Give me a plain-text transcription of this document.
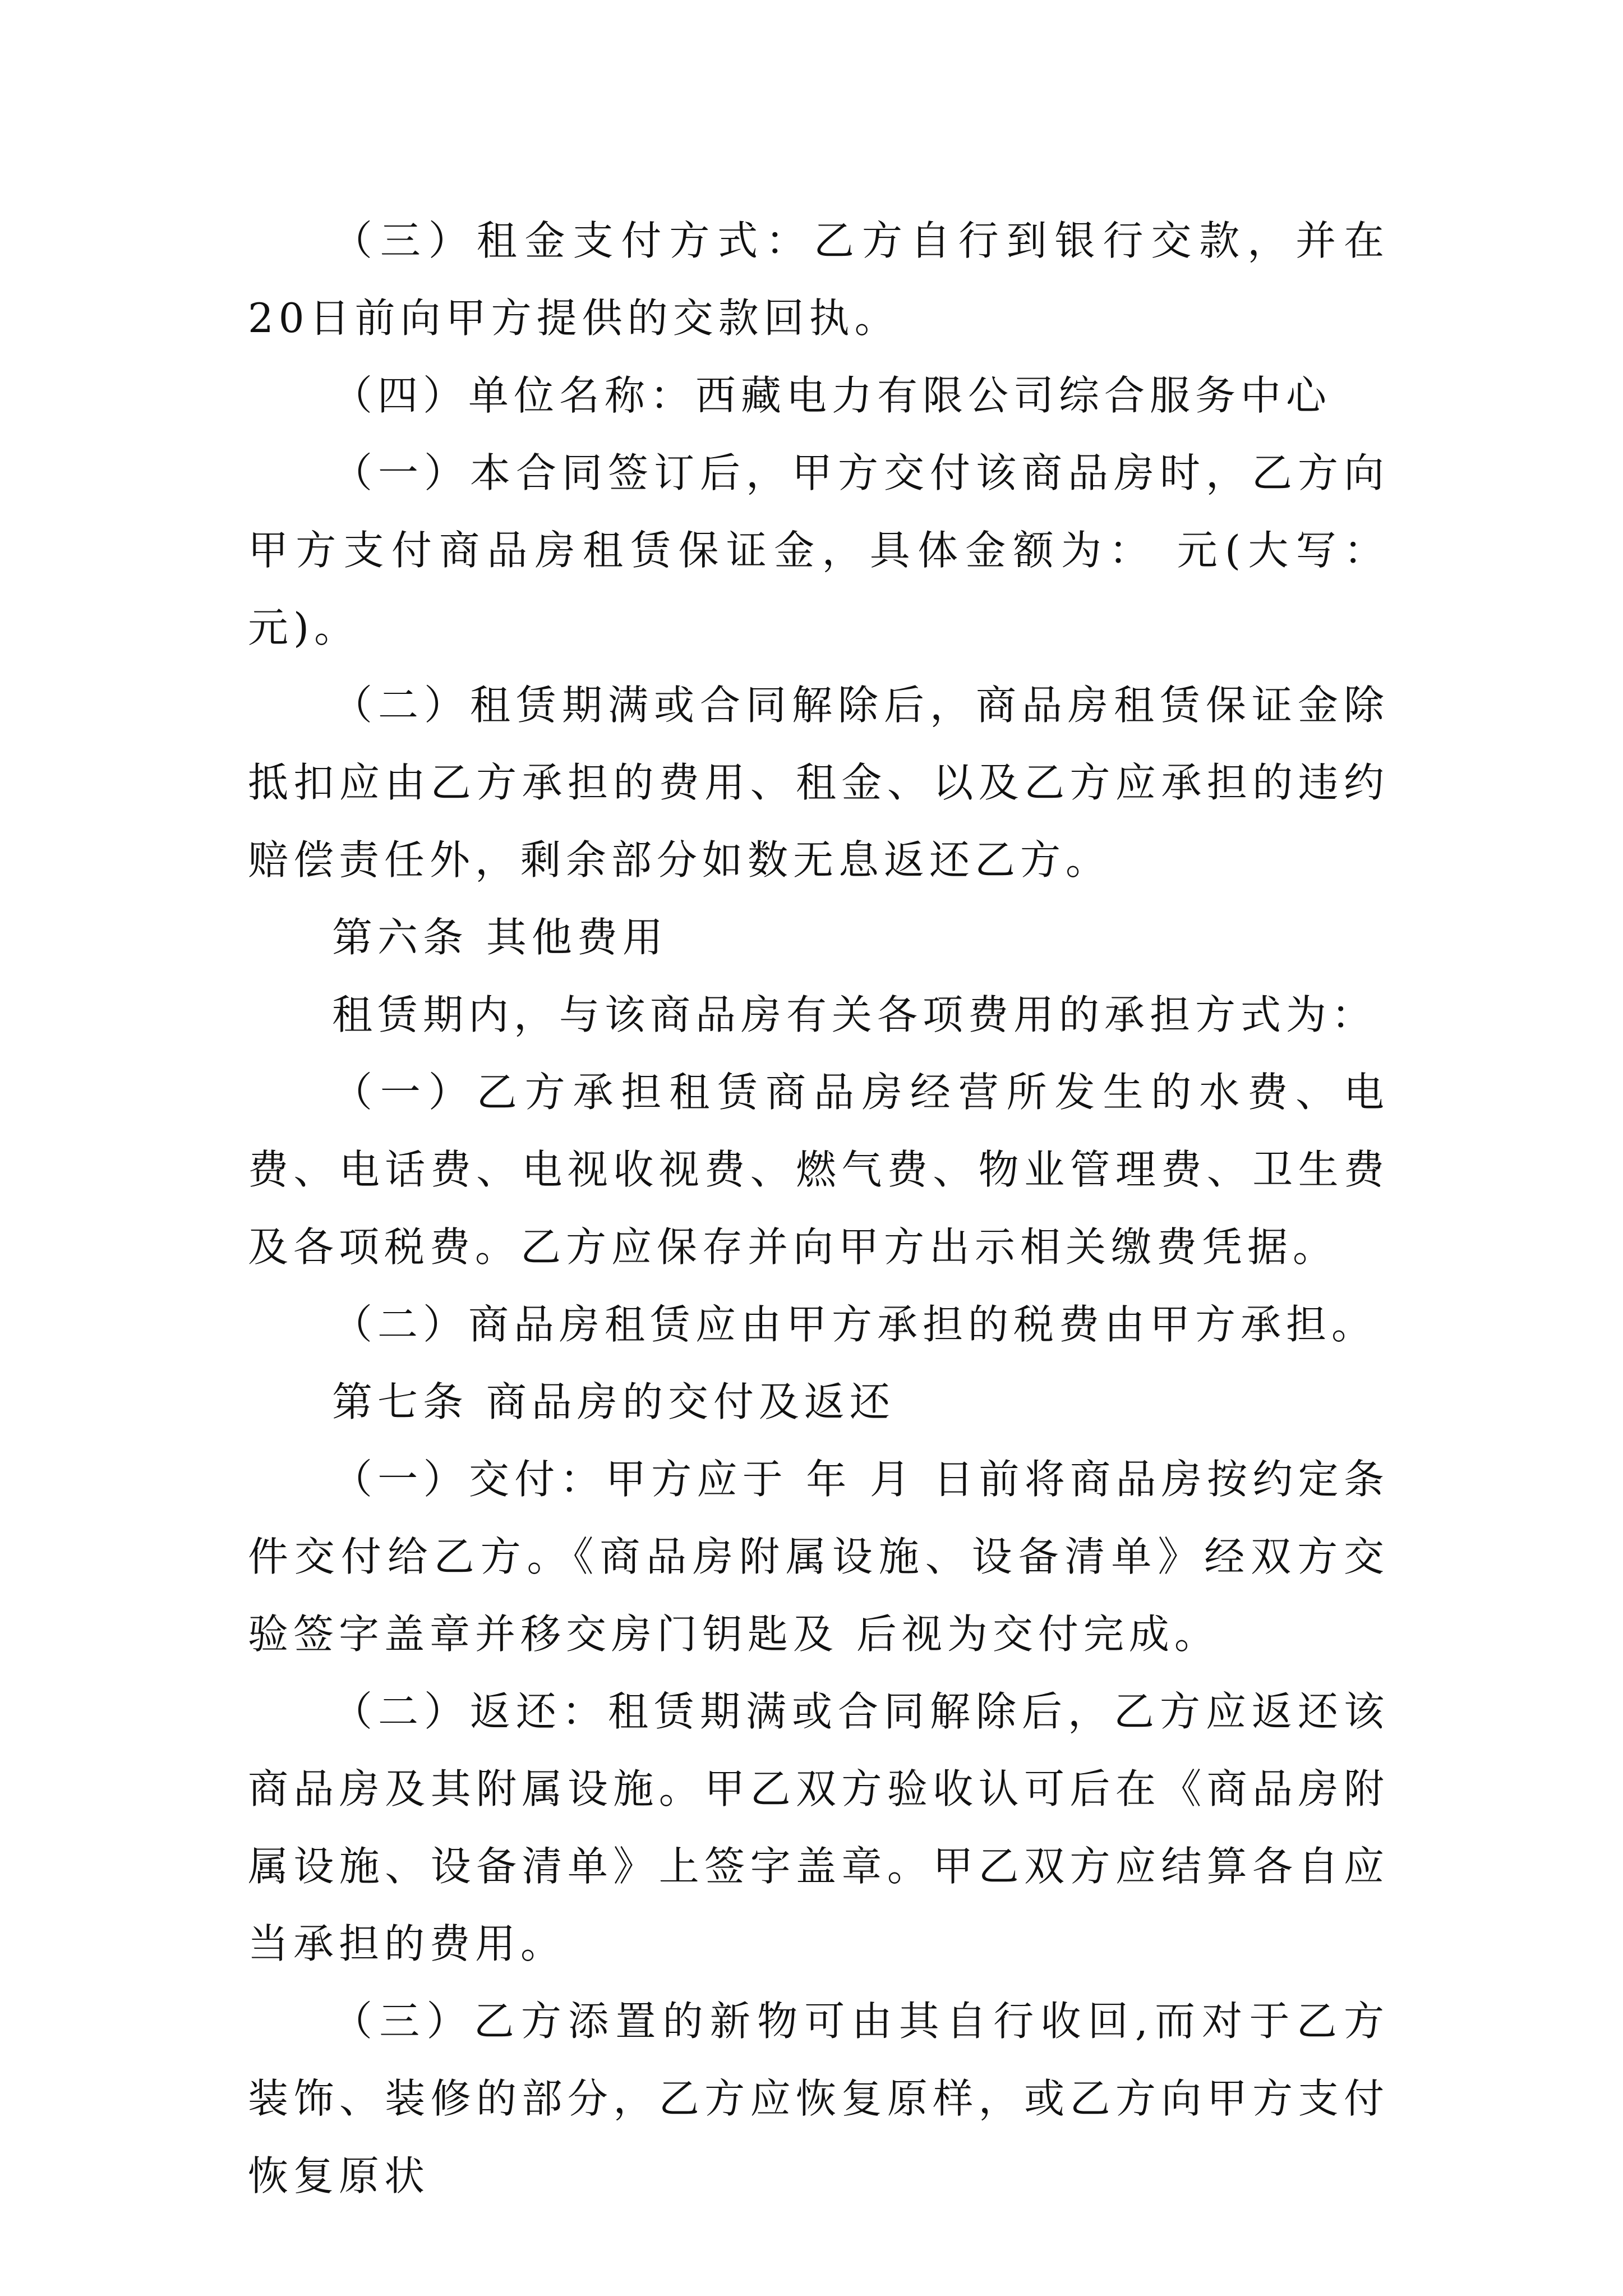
（三）租金支付方式：乙方自行到银行交款，并在20日前向甲方提供的交款回执。

（四）单位名称：西藏电力有限公司综合服务中心

（一）本合同签订后，甲方交付该商品房时，乙方向甲方支付商品房租赁保证金，具体金额为： 元(大写： 元)。

（二）租赁期满或合同解除后，商品房租赁保证金除抵扣应由乙方承担的费用、租金、以及乙方应承担的违约赔偿责任外，剩余部分如数无息返还乙方。

第六条 其他费用

租赁期内，与该商品房有关各项费用的承担方式为：

（一）乙方承担租赁商品房经营所发生的水费、电费、电话费、电视收视费、燃气费、物业管理费、卫生费及各项税费。乙方应保存并向甲方出示相关缴费凭据。

（二）商品房租赁应由甲方承担的税费由甲方承担。

第七条 商品房的交付及返还

（一）交付：甲方应于 年 月 日前将商品房按约定条件交付给乙方。《商品房附属设施、设备清单》经双方交验签字盖章并移交房门钥匙及 后视为交付完成。

（二）返还：租赁期满或合同解除后，乙方应返还该商品房及其附属设施。甲乙双方验收认可后在《商品房附属设施、设备清单》上签字盖章。甲乙双方应结算各自应当承担的费用。

（三）乙方添置的新物可由其自行收回,而对于乙方装饰、装修的部分，乙方应恢复原样，或乙方向甲方支付恢复原状
